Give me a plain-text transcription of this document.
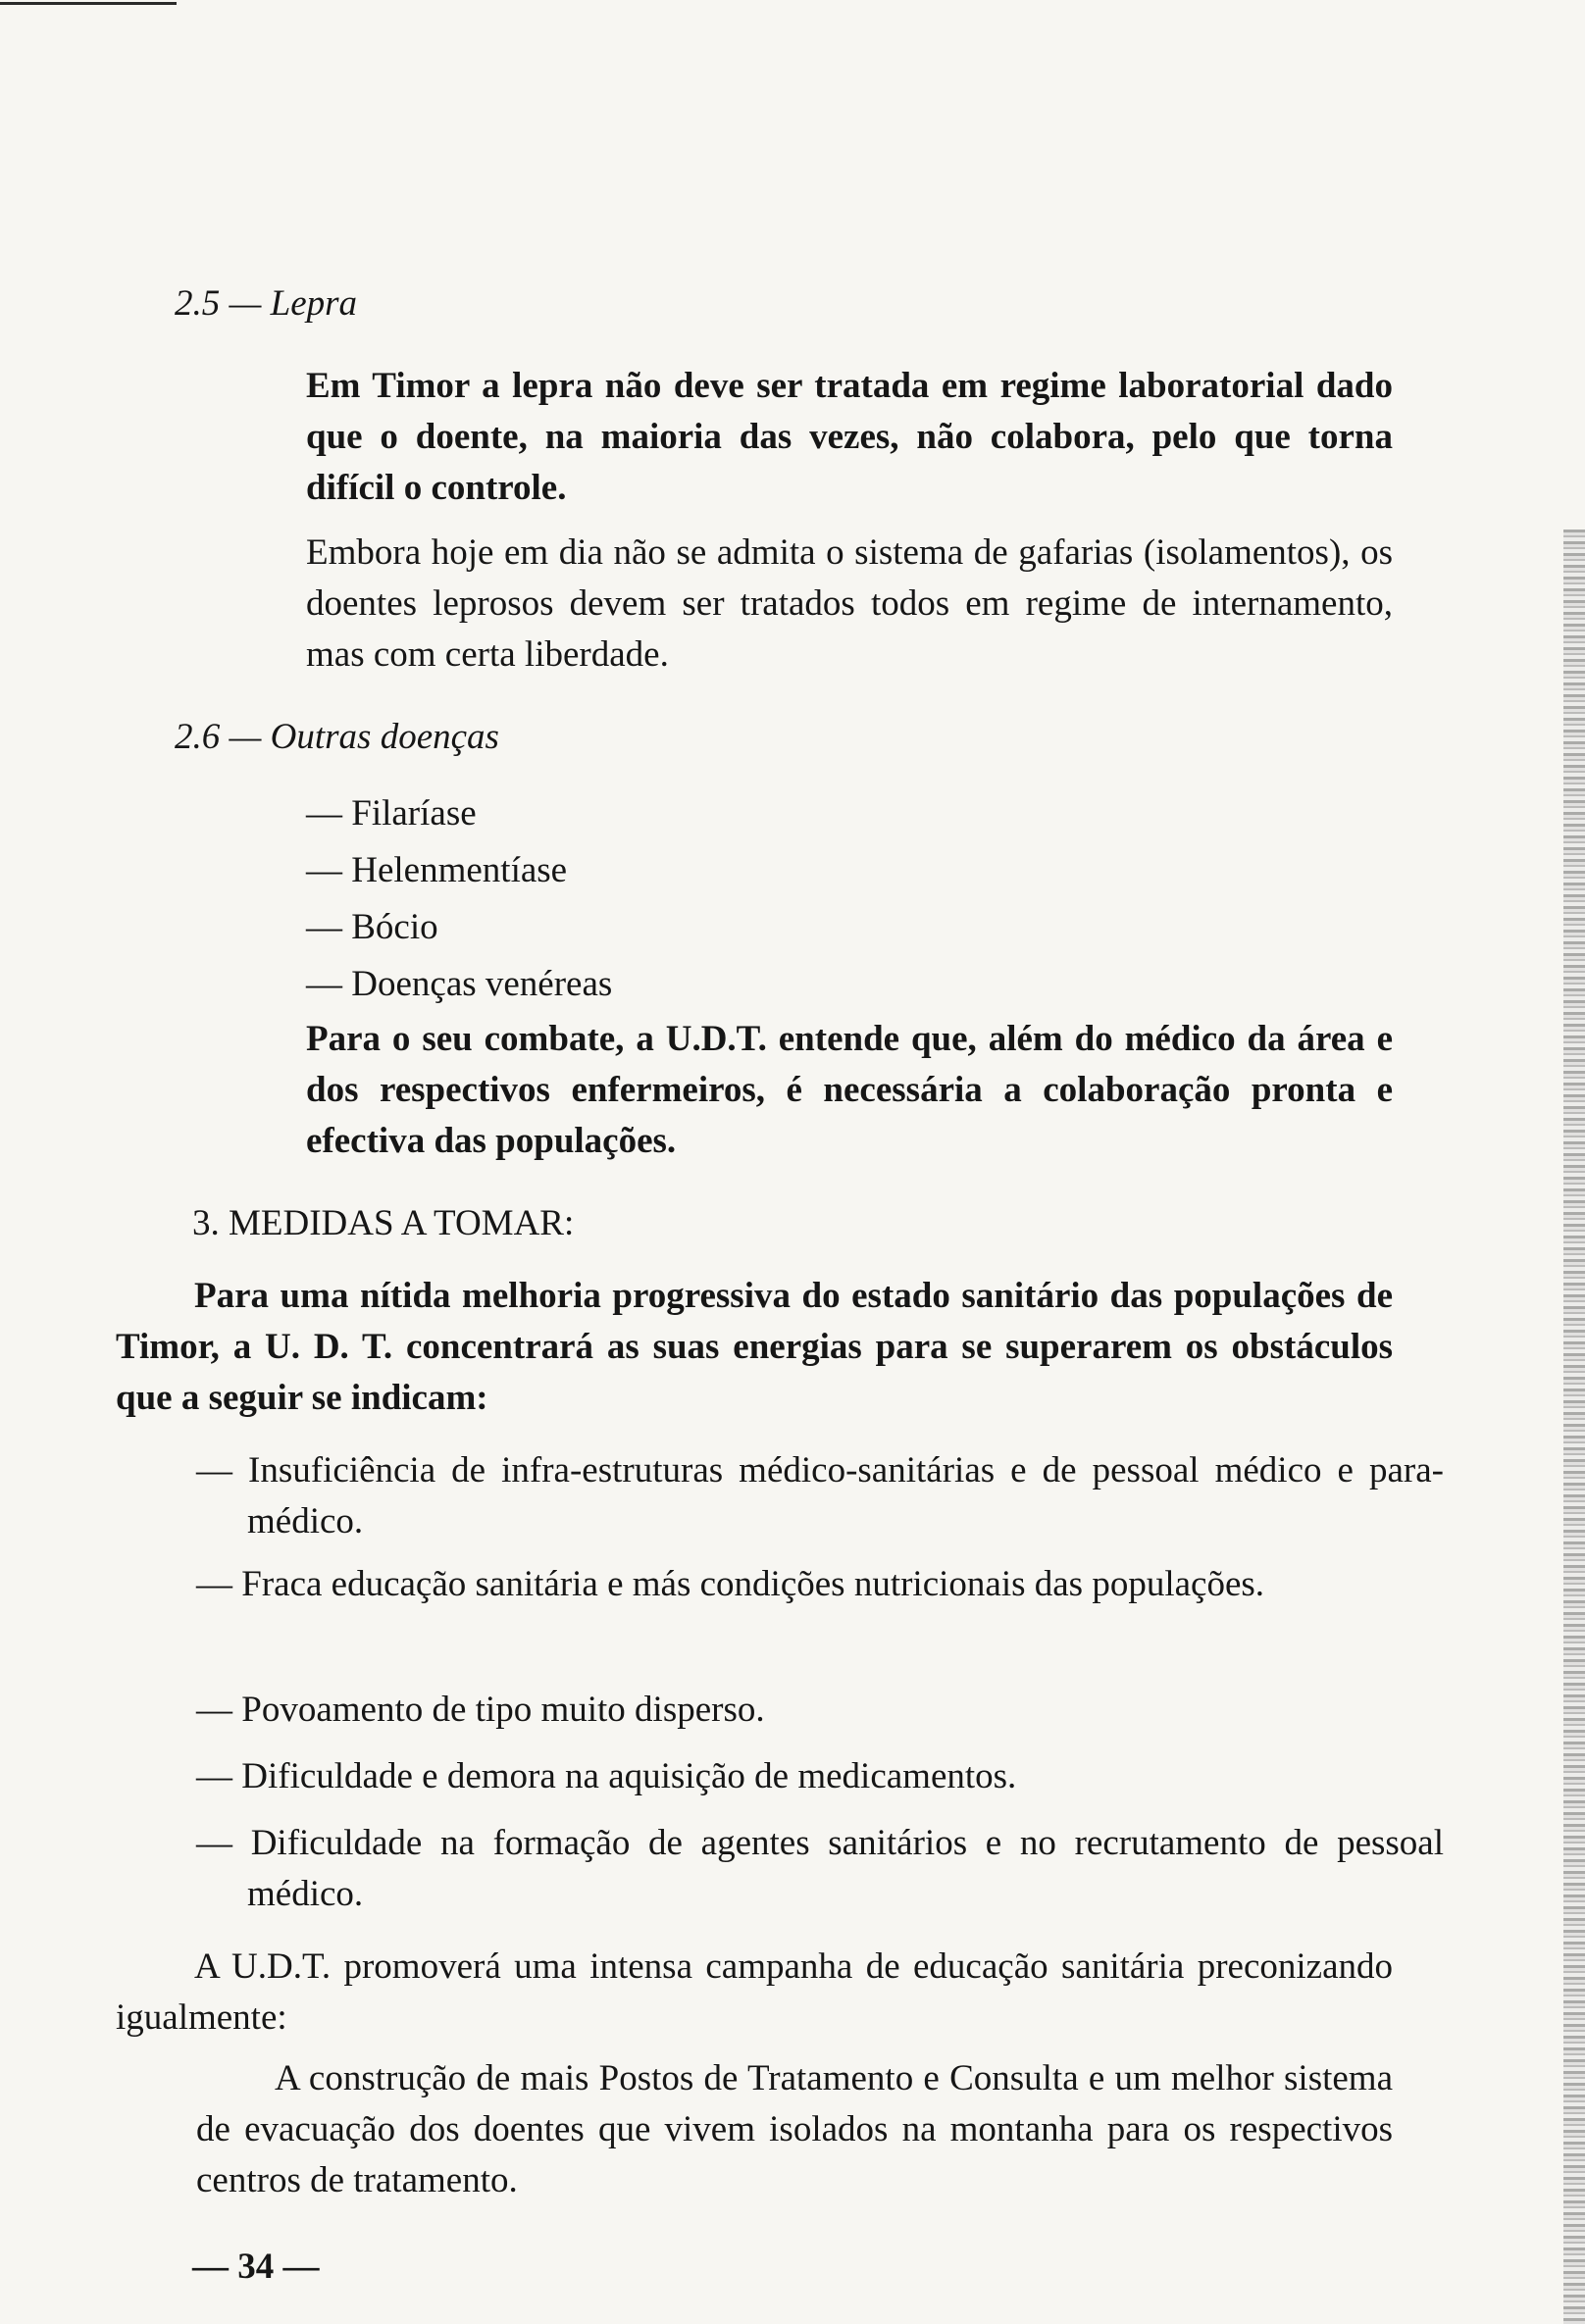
2.5 — Lepra

Em Timor a lepra não deve ser tratada em regime laboratorial dado que o doente, na maioria das vezes, não colabora, pelo que torna difícil o controle.

Embora hoje em dia não se admita o sistema de gafarias (isolamentos), os doentes leprosos devem ser tratados todos em regime de internamento, mas com certa liberdade.

2.6 — Outras doenças
— Filaríase
— Helenmentíase
— Bócio
— Doenças venéreas

Para o seu combate, a U.D.T. entende que, além do médico da área e dos respectivos enfermeiros, é necessária a colaboração pronta e efectiva das populações.

3. MEDIDAS A TOMAR:

Para uma nítida melhoria progressiva do estado sanitário das populações de Timor, a U. D. T. concentrará as suas energias para se superarem os obstáculos que a seguir se indicam:

— Insuficiência de infra-estruturas médico-sanitárias e de pessoal médico e para-médico.
— Fraca educação sanitária e más condições nutricionais das populações.
— Povoamento de tipo muito disperso.
— Dificuldade e demora na aquisição de medicamentos.
— Dificuldade na formação de agentes sanitários e no recrutamento de pessoal médico.

A U.D.T. promoverá uma intensa campanha de educação sanitária preconizando igualmente:

A construção de mais Postos de Tratamento e Consulta e um melhor sistema de evacuação dos doentes que vivem isolados na montanha para os respectivos centros de tratamento.

— 34 —
